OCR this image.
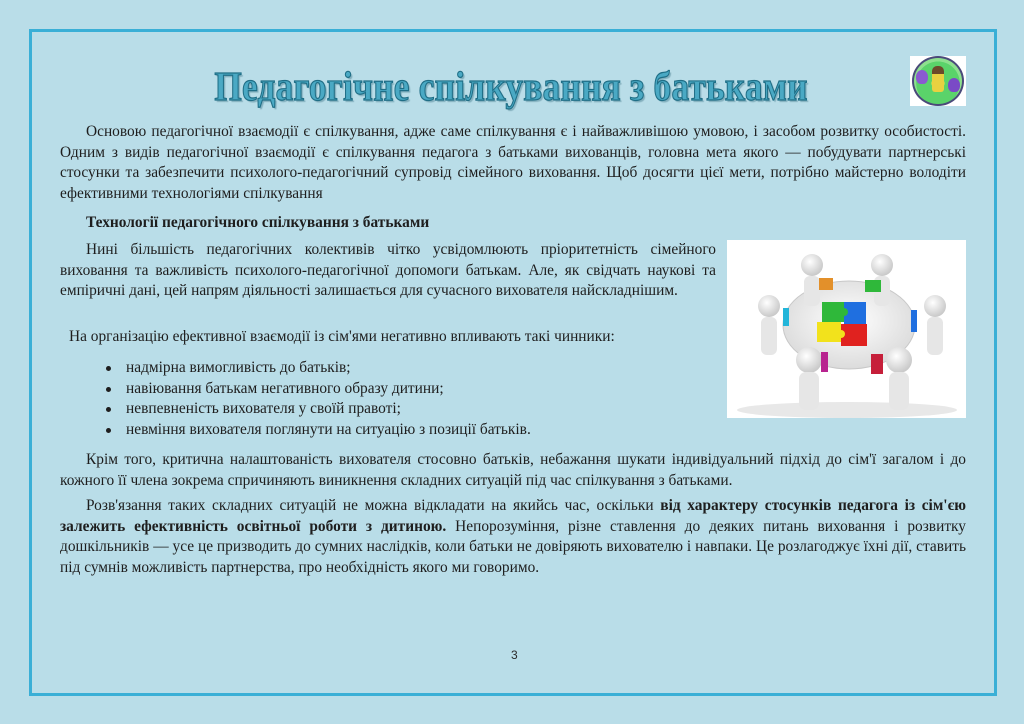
Педагогічне спілкування з батьками

Основою педагогічної взаємодії є спілкування, адже саме спілкування є і найважливішою умовою, і засобом розвитку особистості. Одним з видів педагогічної взаємодії є спілкування педагога з батьками вихованців, головна мета якого — побудувати партнерські стосунки та забезпечити психолого-педагогічний супровід сімейного виховання. Щоб досягти цієї мети, потрібно майстерно володіти ефективними технологіями спілкування

Технології педагогічного спілкування з батьками

Нині більшість педагогічних колективів чітко усвідомлюють пріоритетність сімейного виховання та важливість психолого-педагогічної допомоги батькам. Але, як свідчать наукові та емпіричні дані, цей напрям діяльності залишається для сучасного вихователя найскладнішим.

На організацію ефективної взаємодії із сім'ями негативно впливають такі чинники:

надмірна вимогливість до батьків;
навіювання батькам негативного образу дитини;
невпевненість вихователя у своїй правоті;
невміння вихователя поглянути на ситуацію з позиції батьків.

Крім того, критична налаштованість вихователя стосовно батьків, небажання шукати індивідуальний підхід до сім'ї загалом і до кожного її члена зокрема спричиняють виникнення складних ситуацій під час спілкування з батьками.

Розв'язання таких складних ситуацій не можна відкладати на якийсь час, оскільки від характеру стосунків педагога із сім'єю залежить ефективність освітньої роботи з дитиною. Непорозуміння, різне ставлення до деяких питань виховання і розвитку дошкільників — усе це призводить до сумних наслідків, коли батьки не довіряють вихователю і навпаки. Це розлагоджує їхні дії, ставить під сумнів можливість партнерства, про необхідність якого ми говоримо.

3
